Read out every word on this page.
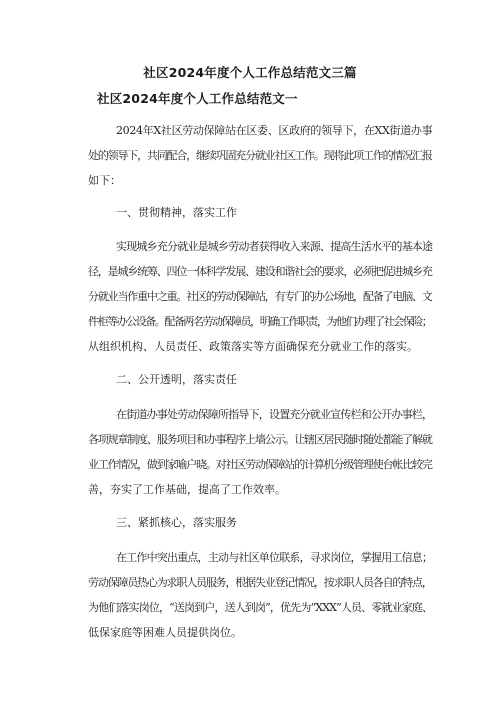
社区2024年度个人工作总结范文三篇
社区2024年度个人工作总结范文一
2024年X社区劳动保障站在区委、区政府的领导下，在XX街道办事
处的领导下，共同配合，继续巩固充分就业社区工作。现将此项工作的情况汇报
如下：
一、贯彻精神，落实工作
实现城乡充分就业是城乡劳动者获得收入来源、提高生活水平的基本途
径，是城乡统筹、四位一体科学发展、建设和谐社会的要求，必须把促进城乡充
分就业当作重中之重。社区的劳动保障站，有专门的办公场地，配备了电脑、文
件柜等办公设备。配备两名劳动保障员，明确工作职责，为他们办理了社会保险；
从组织机构、人员责任、政策落实等方面确保充分就业工作的落实。
二、公开透明，落实责任
在街道办事处劳动保障所指导下，设置充分就业宣传栏和公开办事栏，
各项规章制度、服务项目和办事程序上墙公示。让辖区居民随时随处都能了解就
业工作情况，做到家喻户晓。对社区劳动保障站的计算机分级管理使台帐比较完
善，夯实了工作基础，提高了工作效率。
三、紧抓核心，落实服务
在工作中突出重点，主动与社区单位联系，寻求岗位，掌握用工信息；
劳动保障员热心为求职人员服务，根据失业登记情况，按求职人员各自的特点，
为他们落实岗位，“送岗到户，送人到岗”，优先为“XXX”人员、零就业家庭、
低保家庭等困难人员提供岗位。
